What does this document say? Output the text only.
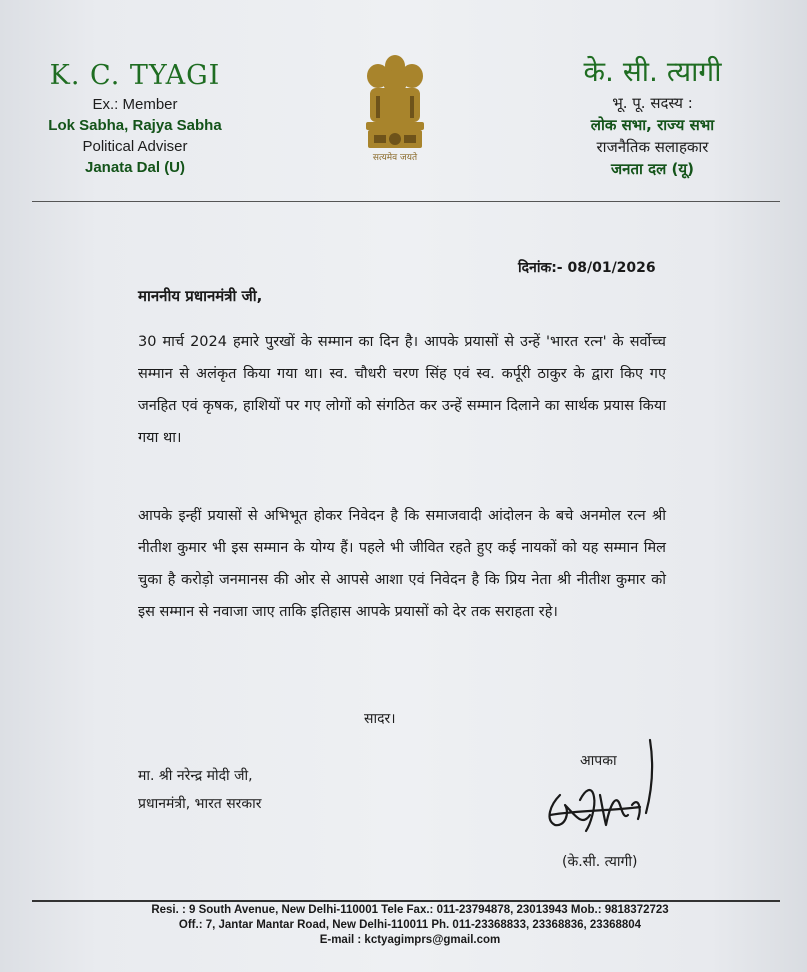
K. C. TYAGI
Ex.: Member
Lok Sabha, Rajya Sabha
Political Adviser
Janata Dal (U)
सत्यमेव जयते
के. सी. त्यागी
भू. पू. सदस्य :
लोक सभा, राज्य सभा
राजनैतिक सलाहकार
जनता दल (यू)
दिनांक:- 08/01/2026
माननीय प्रधानमंत्री जी,
30 मार्च 2024 हमारे पुरखों के सम्मान का दिन है। आपके प्रयासों से उन्हें 'भारत रत्न' के सर्वोच्च सम्मान से अलंकृत किया गया था। स्व. चौधरी चरण सिंह एवं स्व. कर्पूरी ठाकुर के द्वारा किए गए जनहित एवं कृषक, हाशियों पर गए लोगों को संगठित कर उन्हें सम्मान दिलाने का सार्थक प्रयास किया गया था।
आपके इन्हीं प्रयासों से अभिभूत होकर निवेदन है कि समाजवादी आंदोलन के बचे अनमोल रत्न श्री नीतीश कुमार भी इस सम्मान के योग्य हैं। पहले भी जीवित रहते हुए कई नायकों को यह सम्मान मिल चुका है करोड़ो जनमानस की ओर से आपसे आशा एवं निवेदन है कि प्रिय नेता श्री नीतीश कुमार को इस सम्मान से नवाजा जाए ताकि इतिहास आपके प्रयासों को देर तक सराहता रहे।
सादर।
मा. श्री नरेन्द्र मोदी जी,
प्रधानमंत्री, भारत सरकार
आपका
(के.सी. त्यागी)
Resi. : 9 South Avenue, New Delhi-110001 Tele Fax.: 011-23794878, 23013943 Mob.: 9818372723
Off.: 7, Jantar Mantar Road, New Delhi-110011 Ph. 011-23368833, 23368836, 23368804
E-mail : kctyagimprs@gmail.com
